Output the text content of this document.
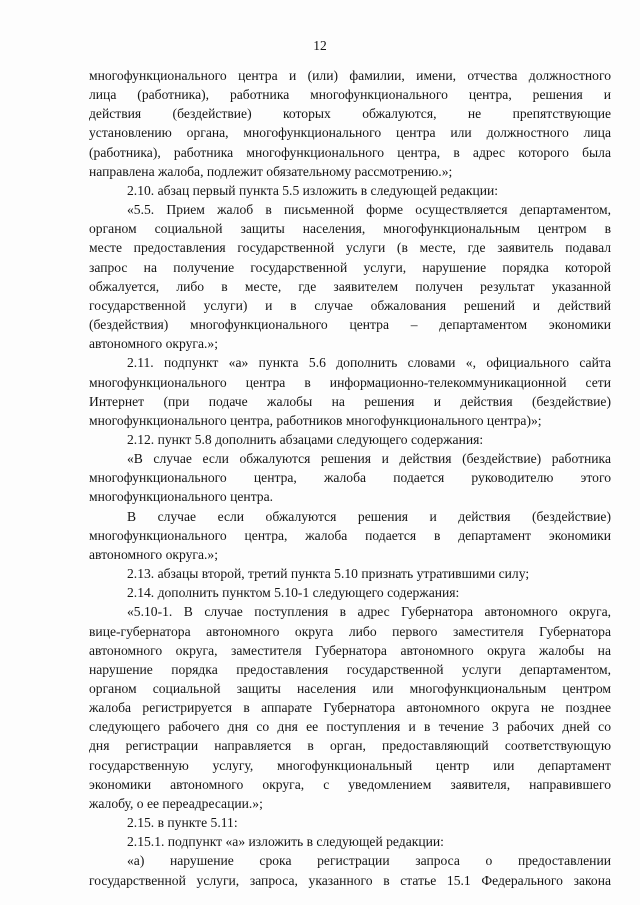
12
многофункционального центра и (или) фамилии, имени, отчества должностного
лица (работника), работника многофункционального центра, решения и
действия (бездействие) которых обжалуются, не препятствующие
установлению органа, многофункционального центра или должностного лица
(работника), работника многофункционального центра, в адрес которого была
направлена жалоба, подлежит обязательному рассмотрению.»;
2.10. абзац первый пункта 5.5 изложить в следующей редакции:
«5.5. Прием жалоб в письменной форме осуществляется департаментом,
органом социальной защиты населения, многофункциональным центром в
месте предоставления государственной услуги (в месте, где заявитель подавал
запрос на получение государственной услуги, нарушение порядка которой
обжалуется, либо в месте, где заявителем получен результат указанной
государственной услуги) и в случае обжалования решений и действий
(бездействия) многофункционального центра – департаментом экономики
автономного округа.»;
2.11. подпункт «а» пункта 5.6 дополнить словами «, официального сайта
многофункционального центра в информационно-телекоммуникационной сети
Интернет (при подаче жалобы на решения и действия (бездействие)
многофункционального центра, работников многофункционального центра)»;
2.12. пункт 5.8 дополнить абзацами следующего содержания:
«В случае если обжалуются решения и действия (бездействие) работника
многофункционального центра, жалоба подается руководителю этого
многофункционального центра.
В случае если обжалуются решения и действия (бездействие)
многофункционального центра, жалоба подается в департамент экономики
автономного округа.»;
2.13. абзацы второй, третий пункта 5.10 признать утратившими силу;
2.14. дополнить пунктом 5.10-1 следующего содержания:
«5.10-1. В случае поступления в адрес Губернатора автономного округа,
вице-губернатора автономного округа либо первого заместителя Губернатора
автономного округа, заместителя Губернатора автономного округа жалобы на
нарушение порядка предоставления государственной услуги департаментом,
органом социальной защиты населения или многофункциональным центром
жалоба регистрируется в аппарате Губернатора автономного округа не позднее
следующего рабочего дня со дня ее поступления и в течение 3 рабочих дней со
дня регистрации направляется в орган, предоставляющий соответствующую
государственную услугу, многофункциональный центр или департамент
экономики автономного округа, с уведомлением заявителя, направившего
жалобу, о ее переадресации.»;
2.15. в пункте 5.11:
2.15.1. подпункт «а» изложить в следующей редакции:
«а) нарушение срока регистрации запроса о предоставлении
государственной услуги, запроса, указанного в статье 15.1 Федерального закона
